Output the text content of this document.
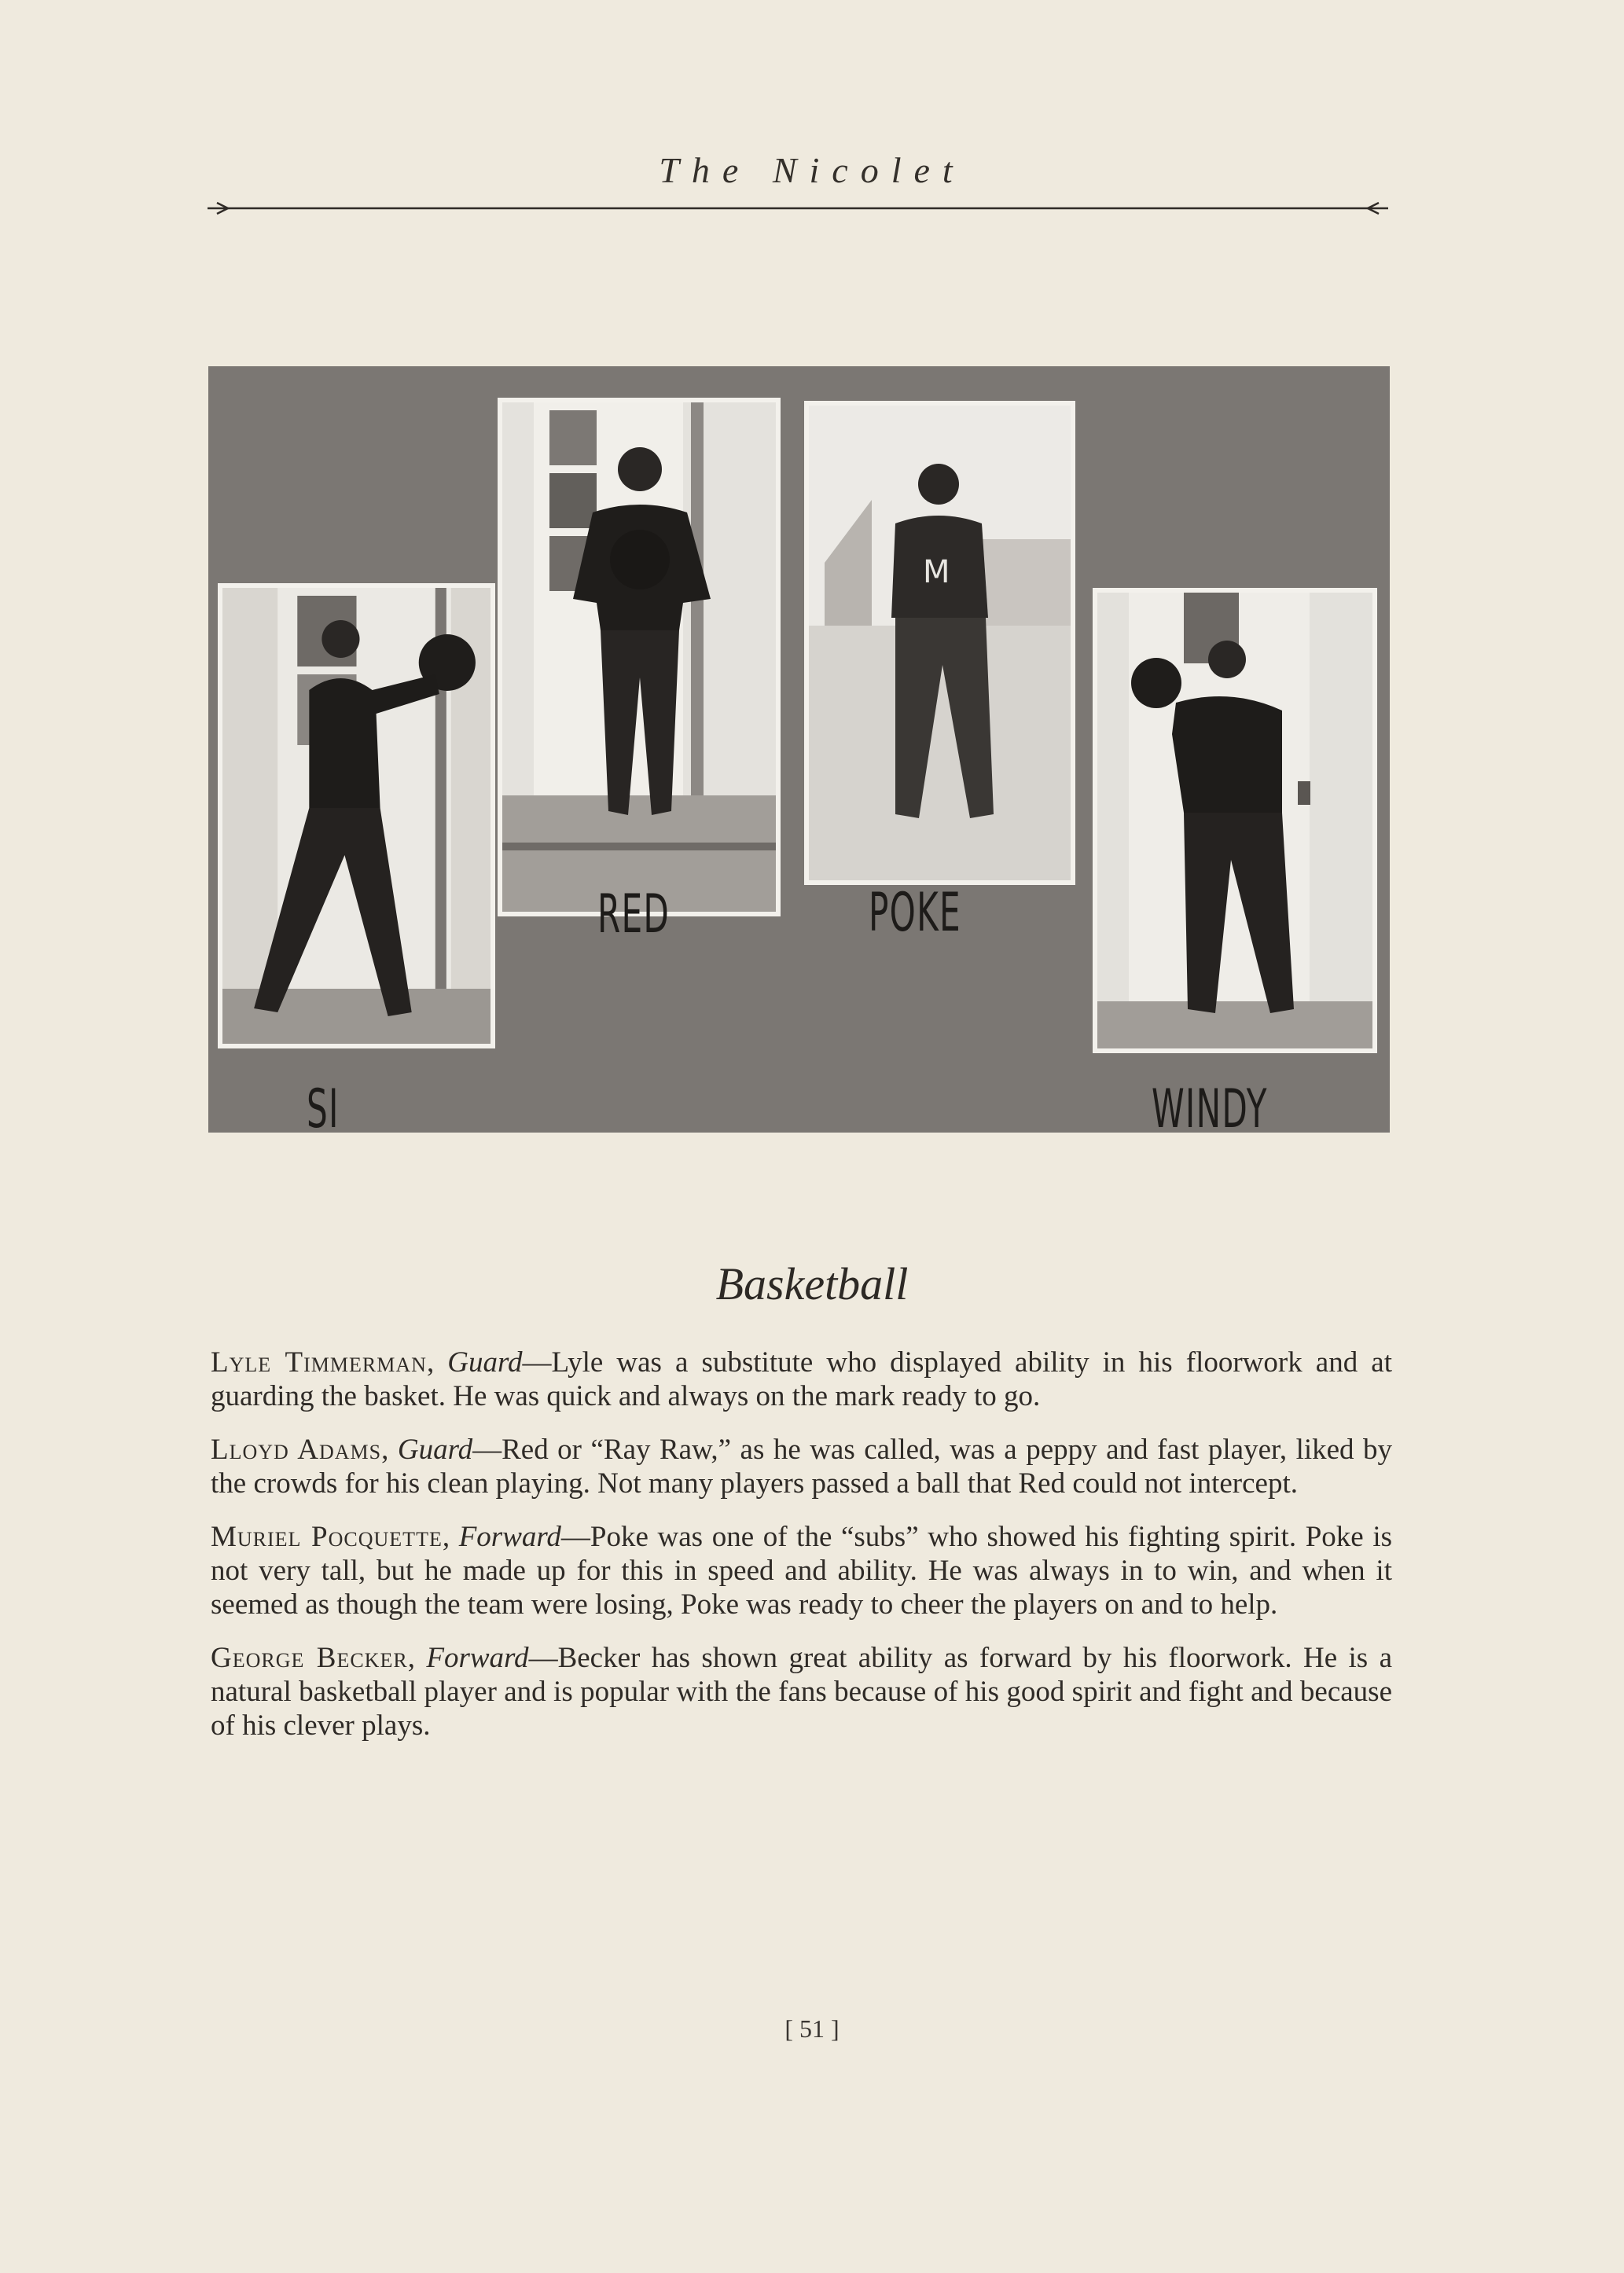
The Nicolet
M
SI
RED	POKE
WINDY
Basketball

Lyle Timmerman, Guard—Lyle was a substitute who displayed ability in his floorwork and at guarding the basket. He was quick and always on the mark ready to go.

Lloyd Adams, Guard—Red or “Ray Raw,” as he was called, was a peppy and fast player, liked by the crowds for his clean playing. Not many players passed a ball that Red could not intercept.

Muriel Pocquette, Forward—Poke was one of the “subs” who showed his fighting spirit. Poke is not very tall, but he made up for this in speed and ability. He was always in to win, and when it seemed as though the team were losing, Poke was ready to cheer the players on and to help.

George Becker, Forward—Becker has shown great ability as forward by his floorwork. He is a natural basketball player and is popular with the fans because of his good spirit and fight and because of his clever plays.

[ 51 ]
